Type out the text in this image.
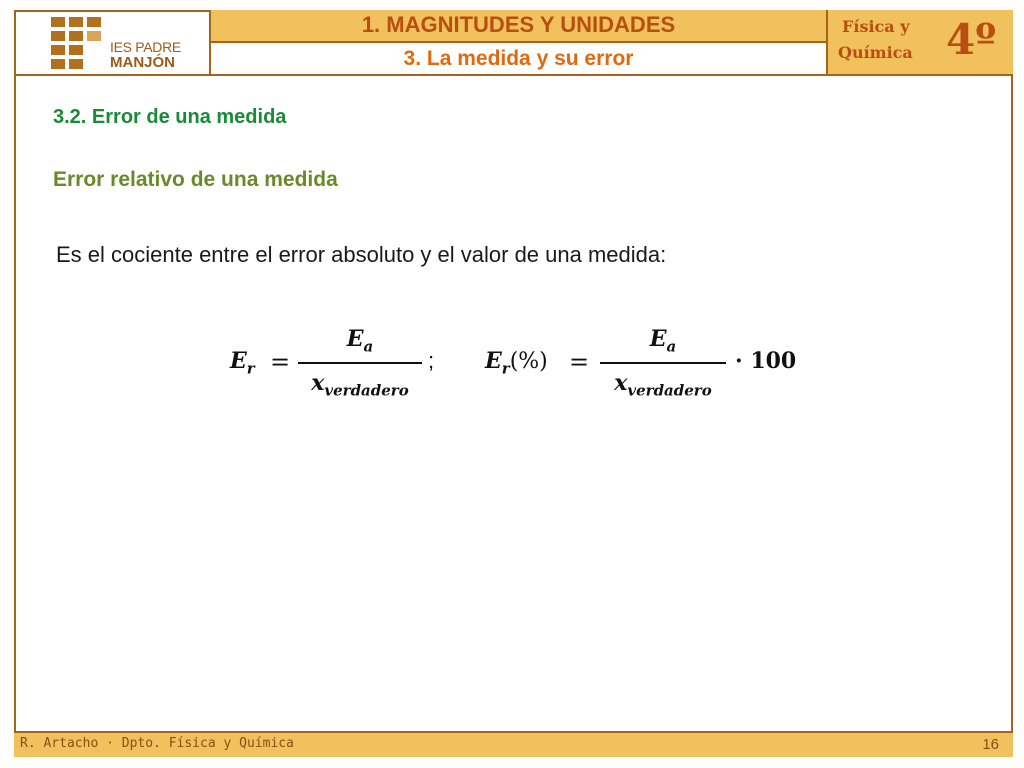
IES PADRE
MANJÓN
1. MAGNITUDES Y UNIDADES
3. La medida y su error
Física y
Química 4º
3.2. Error de una medida
Error relativo de una medida
Es el cociente entre el error absoluto y el valor de una medida:
$E_r$ =
$E_a$
$x_{verdadero}$
; $E_r(\%)$ =
$E_a$
$x_{verdadero}$
· 100
R. Artacho · Dpto. Física y Química	16
